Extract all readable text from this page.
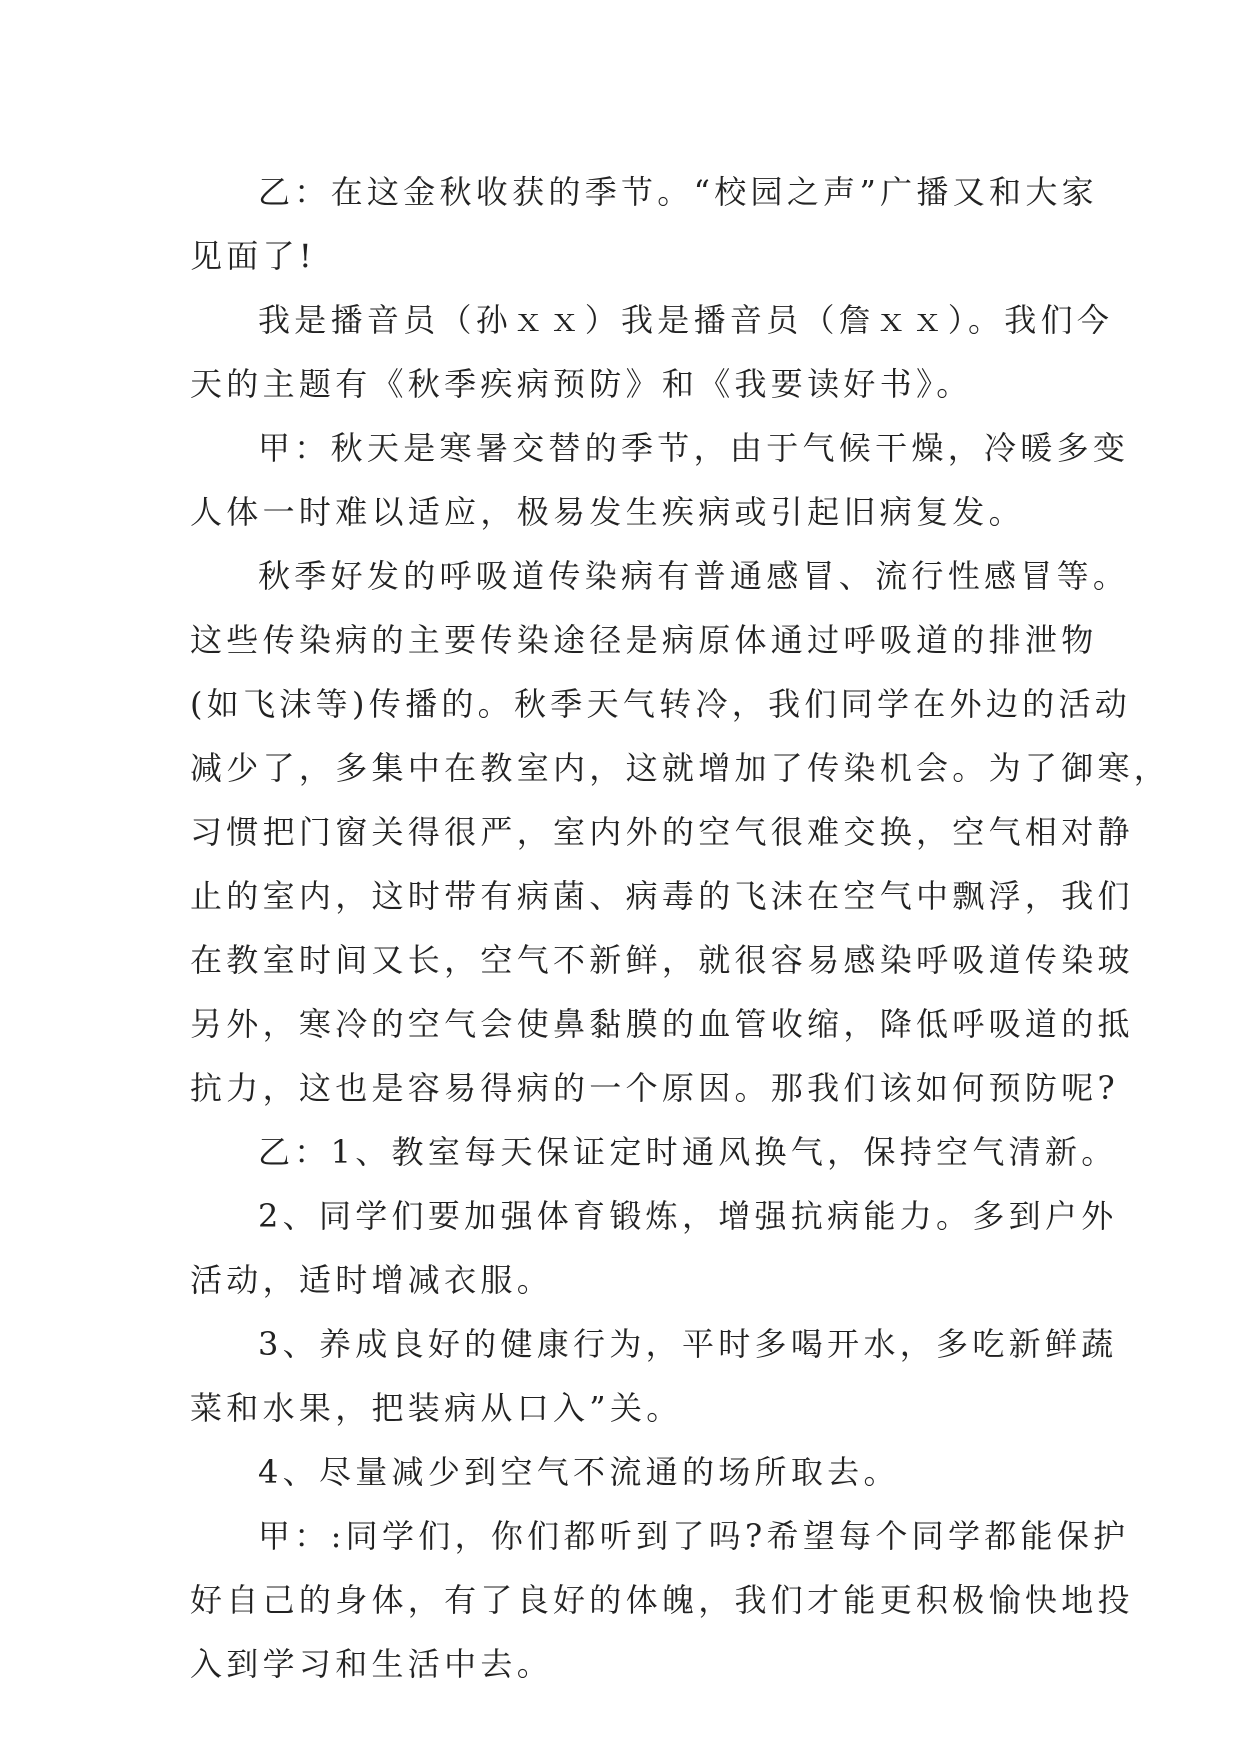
乙：在这金秋收获的季节。“校园之声”广播又和大家
见面了!
我是播音员（孙ｘｘ）我是播音员（詹ｘｘ）。我们今
天的主题有《秋季疾病预防》和《我要读好书》。
甲：秋天是寒暑交替的季节，由于气候干燥，冷暖多变
人体一时难以适应，极易发生疾病或引起旧病复发。
秋季好发的呼吸道传染病有普通感冒、流行性感冒等。
这些传染病的主要传染途径是病原体通过呼吸道的排泄物
(如飞沫等)传播的。秋季天气转冷，我们同学在外边的活动
减少了，多集中在教室内，这就增加了传染机会。为了御寒，
习惯把门窗关得很严，室内外的空气很难交换，空气相对静
止的室内，这时带有病菌、病毒的飞沫在空气中飘浮，我们
在教室时间又长，空气不新鲜，就很容易感染呼吸道传染玻
另外，寒冷的空气会使鼻黏膜的血管收缩，降低呼吸道的抵
抗力，这也是容易得病的一个原因。那我们该如何预防呢?
乙：1、教室每天保证定时通风换气，保持空气清新。
2、同学们要加强体育锻炼，增强抗病能力。多到户外
活动，适时增减衣服。
3、养成良好的健康行为，平时多喝开水，多吃新鲜蔬
菜和水果，把装病从口入”关。
4、尽量减少到空气不流通的场所取去。
甲：:同学们，你们都听到了吗?希望每个同学都能保护
好自己的身体，有了良好的体魄，我们才能更积极愉快地投
入到学习和生活中去。
